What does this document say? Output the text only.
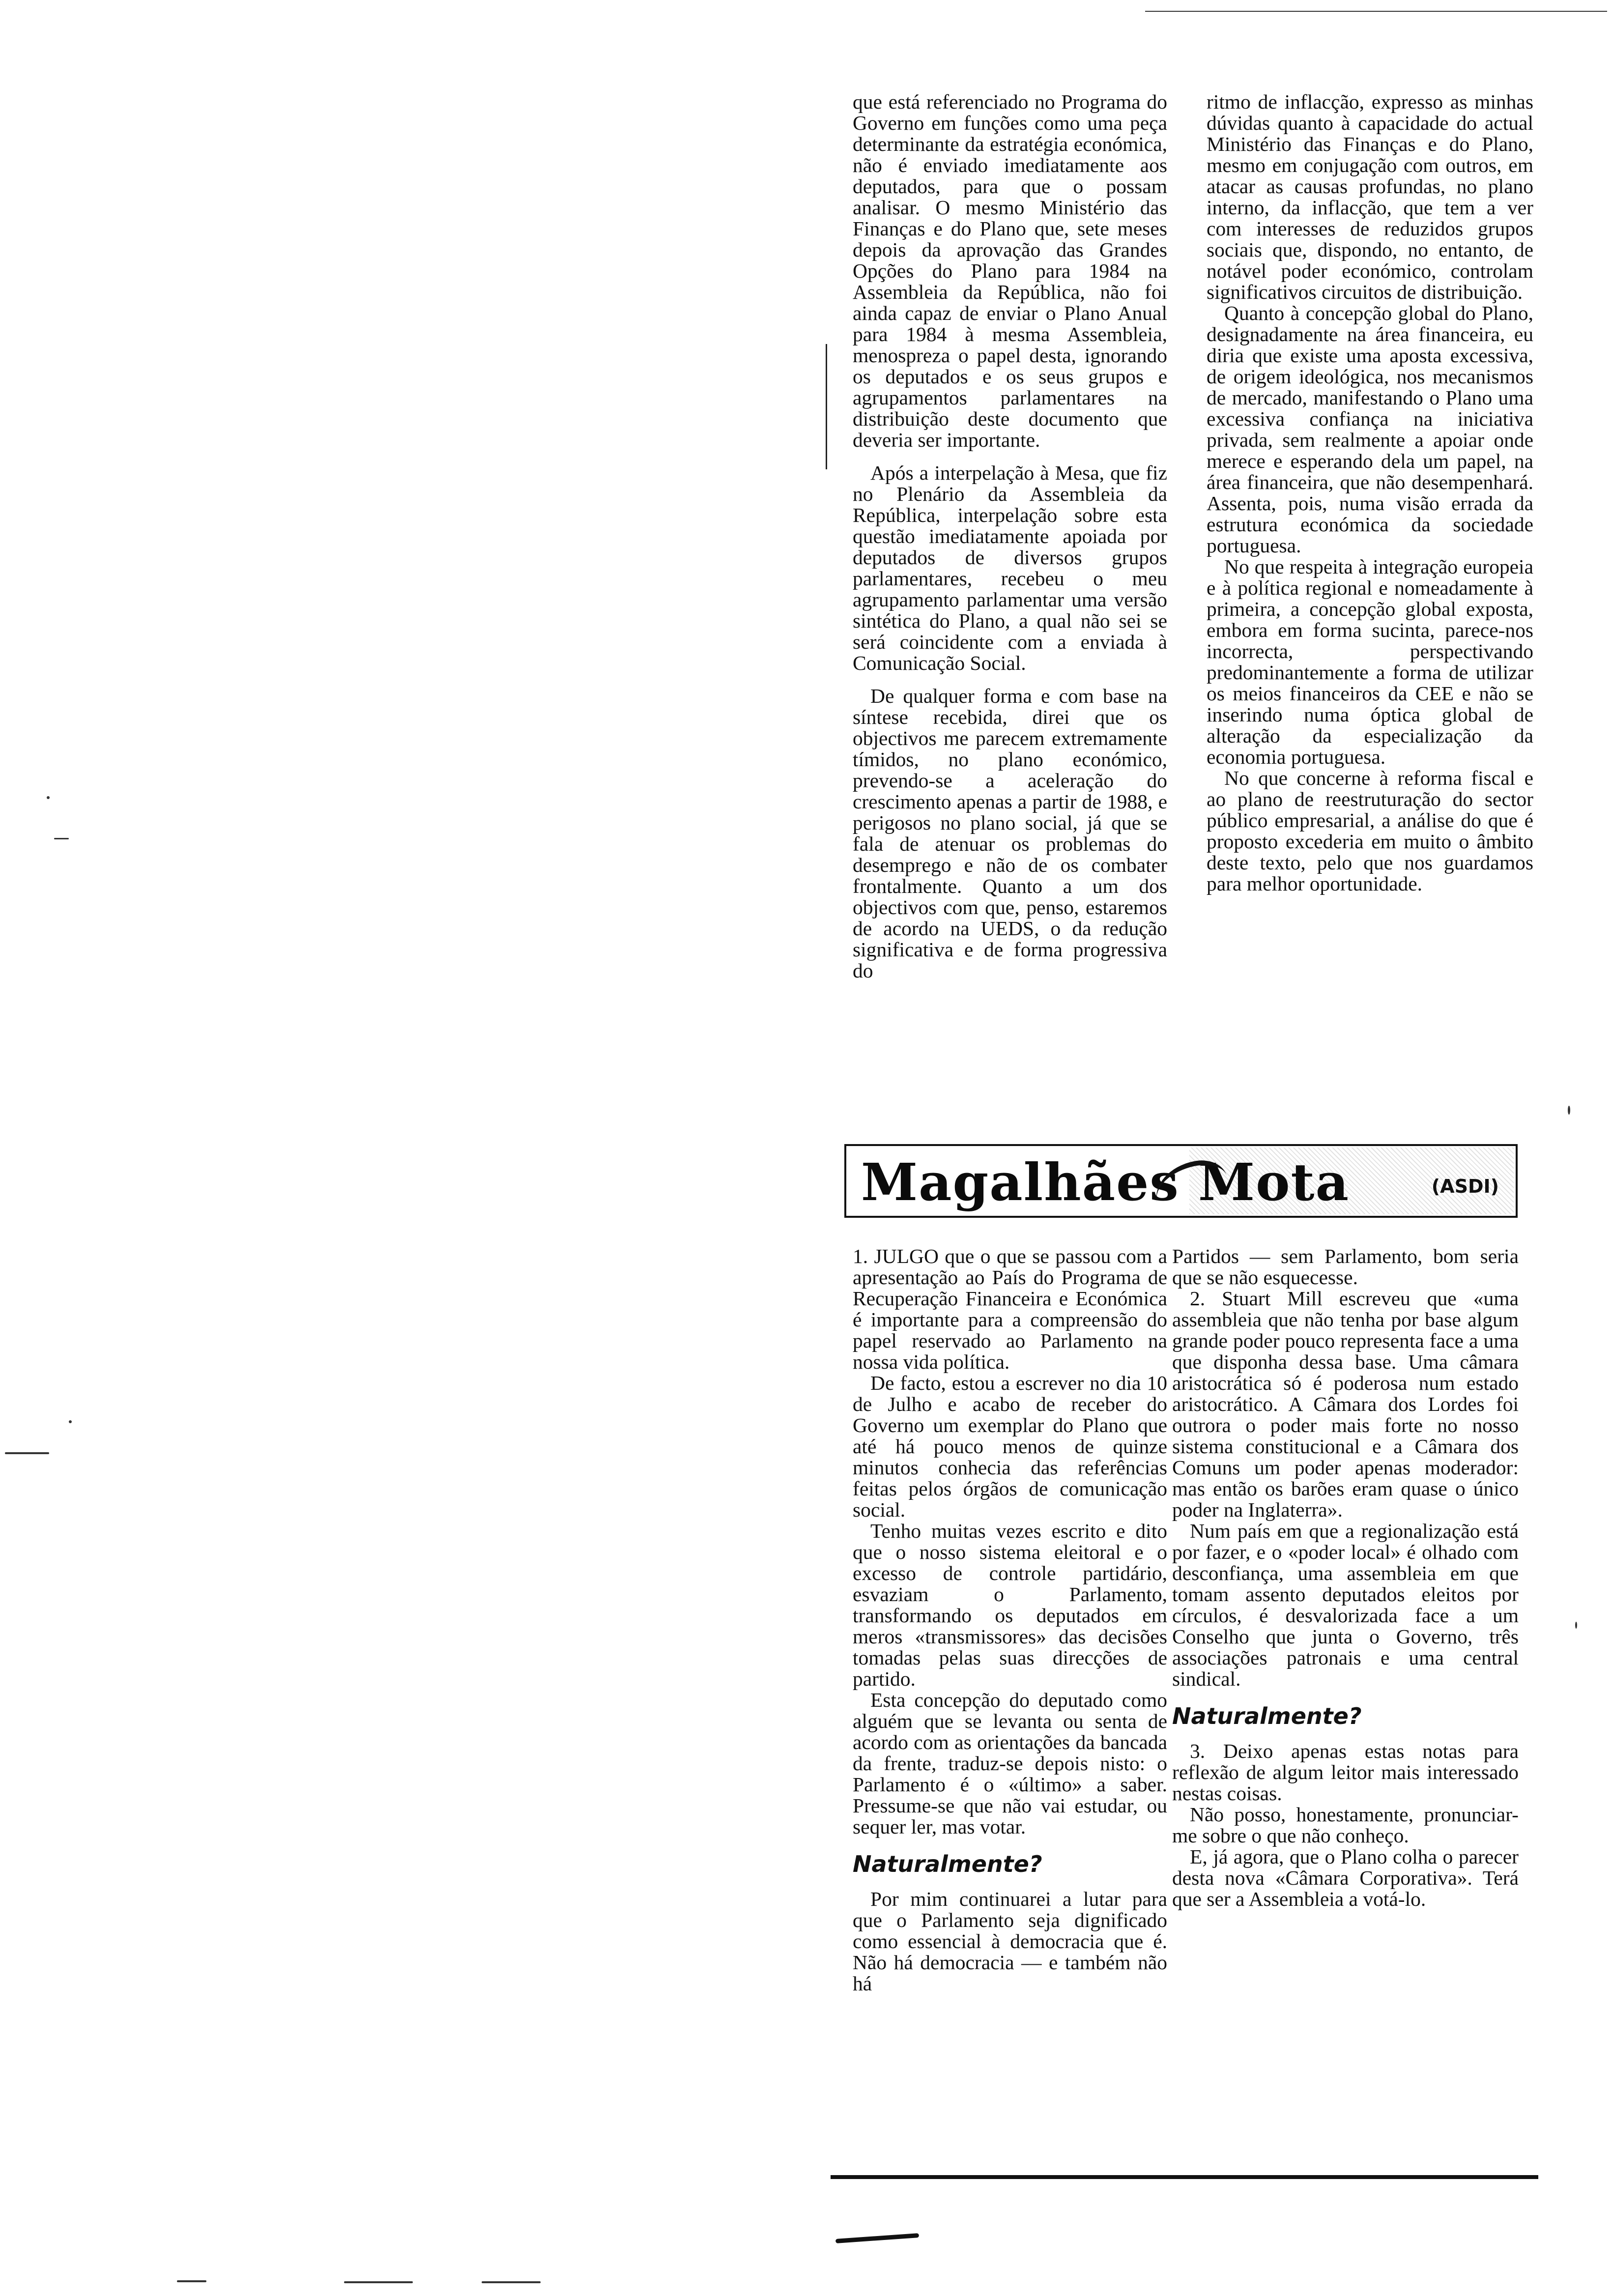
que está referenciado no Programa do Governo em funções como uma peça determinante da estratégia económica, não é enviado imediatamente aos deputados, para que o possam analisar. O mesmo Ministério das Finanças e do Plano que, sete meses depois da aprovação das Grandes Opções do Plano para 1984 na Assembleia da República, não foi ainda capaz de enviar o Plano Anual para 1984 à mesma Assembleia, menospreza o papel desta, ignorando os deputados e os seus grupos e agrupamentos parlamentares na distribuição deste documento que deveria ser importante.

Após a interpelação à Mesa, que fiz no Plenário da Assembleia da República, interpelação sobre esta questão imediatamente apoiada por deputados de diversos grupos parlamentares, recebeu o meu agrupamento parlamentar uma versão sintética do Plano, a qual não sei se será coincidente com a enviada à Comunicação Social.

De qualquer forma e com base na síntese recebida, direi que os objectivos me parecem extremamente tímidos, no plano económico, prevendo-se a aceleração do crescimento apenas a partir de 1988, e perigosos no plano social, já que se fala de atenuar os problemas do desemprego e não de os combater frontalmente. Quanto a um dos objectivos com que, penso, estaremos de acordo na UEDS, o da redução significativa e de forma progressiva do

ritmo de inflacção, expresso as minhas dúvidas quanto à capacidade do actual Ministério das Finanças e do Plano, mesmo em conjugação com outros, em atacar as causas profundas, no plano interno, da inflacção, que tem a ver com interesses de reduzidos grupos sociais que, dispondo, no entanto, de notável poder económico, controlam significativos circuitos de distribuição.

Quanto à concepção global do Plano, designadamente na área financeira, eu diria que existe uma aposta excessiva, de origem ideológica, nos mecanismos de mercado, manifestando o Plano uma excessiva confiança na iniciativa privada, sem realmente a apoiar onde merece e esperando dela um papel, na área financeira, que não desempenhará. Assenta, pois, numa visão errada da estrutura económica da sociedade portuguesa.

No que respeita à integração europeia e à política regional e nomeadamente à primeira, a concepção global exposta, embora em forma sucinta, parece-nos incorrecta, perspectivando predominantemente a forma de utilizar os meios financeiros da CEE e não se inserindo numa óptica global de alteração da especialização da economia portuguesa.

No que concerne à reforma fiscal e ao plano de reestruturação do sector público empresarial, a análise do que é proposto excederia em muito o âmbito deste texto, pelo que nos guardamos para melhor oportunidade.

Magalhães Mota	(ASDI)

1. JULGO que o que se passou com a apresentação ao País do Programa de Recuperação Financeira e Económica é importante para a compreensão do papel reservado ao Parlamento na nossa vida política.

De facto, estou a escrever no dia 10 de Julho e acabo de receber do Governo um exemplar do Plano que até há pouco menos de quinze minutos conhecia das referências feitas pelos órgãos de comunicação social.

Tenho muitas vezes escrito e dito que o nosso sistema eleitoral e o excesso de controle partidário, esvaziam o Parlamento, transformando os deputados em meros «transmissores» das decisões tomadas pelas suas direcções de partido.

Esta concepção do deputado como alguém que se levanta ou senta de acordo com as orientações da bancada da frente, traduz-se depois nisto: o Parlamento é o «último» a saber. Pressume-se que não vai estudar, ou sequer ler, mas votar.

Naturalmente?

Por mim continuarei a lutar para que o Parlamento seja dignificado como essencial à democracia que é. Não há democracia — e também não há

Partidos — sem Parlamento, bom seria que se não esquecesse.

2. Stuart Mill escreveu que «uma assembleia que não tenha por base algum grande poder pouco representa face a uma que disponha dessa base. Uma câmara aristocrática só é poderosa num estado aristocrático. A Câmara dos Lordes foi outrora o poder mais forte no nosso sistema constitucional e a Câmara dos Comuns um poder apenas moderador: mas então os barões eram quase o único poder na Inglaterra».

Num país em que a regionalização está por fazer, e o «poder local» é olhado com desconfiança, uma assembleia em que tomam assento deputados eleitos por círculos, é desvalorizada face a um Conselho que junta o Governo, três associações patronais e uma central sindical.

Naturalmente?

3. Deixo apenas estas notas para reflexão de algum leitor mais interessado nestas coisas.

Não posso, honestamente, pronunciar-me sobre o que não conheço.

E, já agora, que o Plano colha o parecer desta nova «Câmara Corporativa». Terá que ser a Assembleia a votá-lo.
